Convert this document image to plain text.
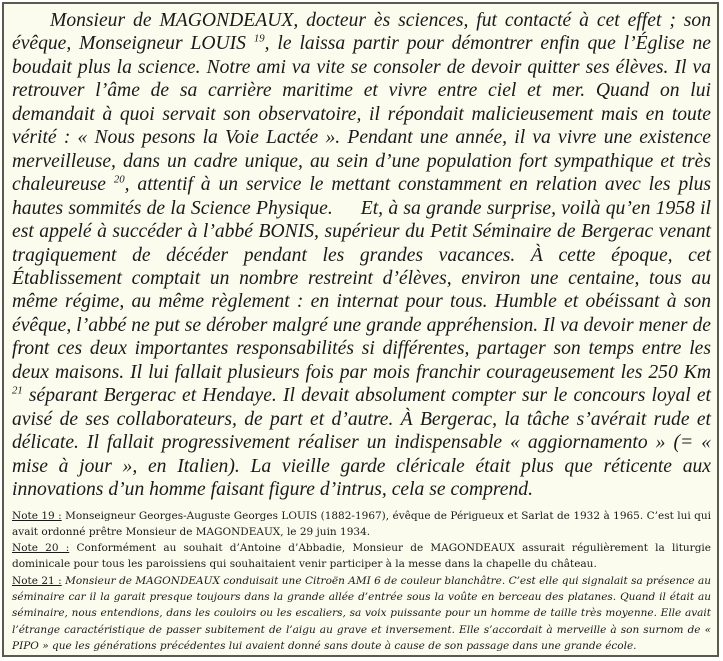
Monsieur de MAGONDEAUX, docteur ès sciences, fut contacté à cet effet ; son évêque, Monseigneur LOUIS $^{19}$, le laissa partir pour démontrer enfin que l’Église ne boudait plus la science. Notre ami va vite se consoler de devoir quitter ses élèves. Il va retrouver l’âme de sa carrière maritime et vivre entre ciel et mer. Quand on lui demandait à quoi servait son observatoire, il répondait malicieusement mais en toute vérité : « Nous pesons la Voie Lactée ». Pendant une année, il va vivre une existence merveilleuse, dans un cadre unique, au sein d’une population fort sympathique et très chaleureuse $^{20}$, attentif à un service le mettant constamment en relation avec les plus hautes sommités de la Science Physique. Et, à sa grande surprise, voilà qu’en 1958 il est appelé à succéder à l’abbé BONIS, supérieur du Petit Séminaire de Bergerac venant tragiquement de décéder pendant les grandes vacances. À cette époque, cet Établissement comptait un nombre restreint d’élèves, environ une centaine, tous au même régime, au même règlement : en internat pour tous. Humble et obéissant à son évêque, l’abbé ne put se dérober malgré une grande appréhension. Il va devoir mener de front ces deux importantes responsabilités si différentes, partager son temps entre les deux maisons. Il lui fallait plusieurs fois par mois franchir courageusement les 250 Km $^{21}$ séparant Bergerac et Hendaye. Il devait absolument compter sur le concours loyal et avisé de ses collaborateurs, de part et d’autre. À Bergerac, la tâche s’avérait rude et délicate. Il fallait progressivement réaliser un indispensable « aggiornamento » (= « mise à jour », en Italien). La vieille garde cléricale était plus que réticente aux innovations d’un homme faisant figure d’intrus, cela se comprend.

Note 19 : Monseigneur Georges-Auguste Georges LOUIS (1882-1967), évêque de Périgueux et Sarlat de 1932 à 1965. C’est lui qui avait ordonné prêtre Monsieur de MAGONDEAUX, le 29 juin 1934.

Note 20 : Conformément au souhait d’Antoine d’Abbadie, Monsieur de MAGONDEAUX assurait régulièrement la liturgie dominicale pour tous les paroissiens qui souhaitaient venir participer à la messe dans la chapelle du château.

Note 21 : Monsieur de MAGONDEAUX conduisait une Citroën AMI 6 de couleur blanchâtre. C’est elle qui signalait sa présence au séminaire car il la garait presque toujours dans la grande allée d’entrée sous la voûte en berceau des platanes. Quand il était au séminaire, nous entendions, dans les couloirs ou les escaliers, sa voix puissante pour un homme de taille très moyenne. Elle avait l’étrange caractéristique de passer subitement de l’aigu au grave et inversement. Elle s’accordait à merveille à son surnom de « PIPO » que les générations précédentes lui avaient donné sans doute à cause de son passage dans une grande école.
